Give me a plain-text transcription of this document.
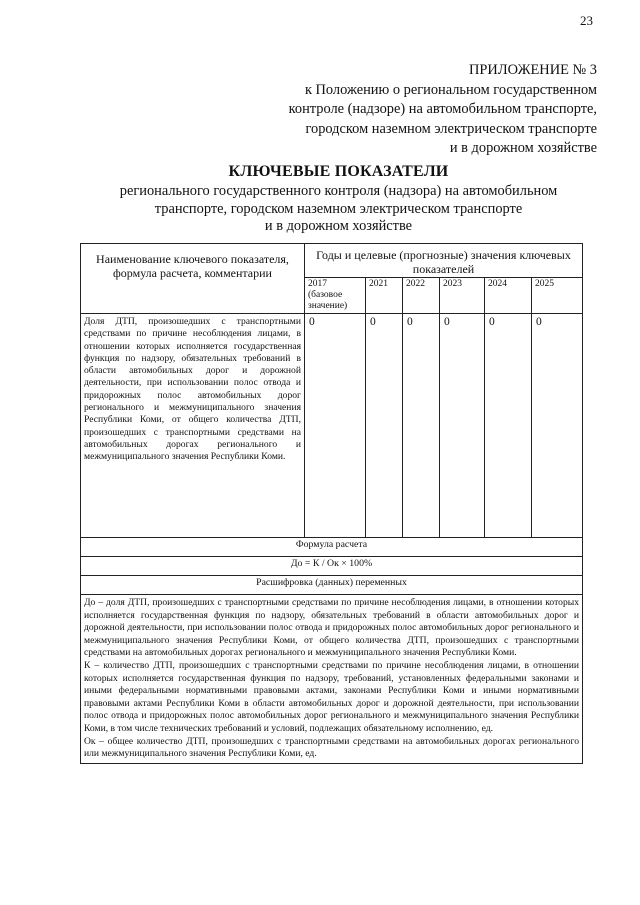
23
ПРИЛОЖЕНИЕ № 3
к Положению о региональном государственном
контроле (надзоре) на автомобильном транспорте,
городском наземном электрическом транспорте
и в дорожном хозяйстве
КЛЮЧЕВЫЕ ПОКАЗАТЕЛИ
регионального государственного контроля (надзора) на автомобильном
транспорте, городском наземном электрическом транспорте
и в дорожном хозяйстве
Наименование ключевого показателя, формула расчета, комментарии	Годы и целевые (прогнозные) значения ключевых показателей					
	2017 (базовое значение)	2021	2022	2023	2024	2025
Доля ДТП, произошедших с транспортными средствами по причине несоблюдения лицами, в отношении которых исполняется государственная функция по надзору, обязательных требований в области автомобильных дорог и дорожной деятельности, при использовании полос отвода и придорожных полос автомобильных дорог регионального и межмуниципального значения Республики Коми, от общего количества ДТП, произошедших с транспортными средствами на автомобильных дорогах регионального и межмуниципального значения Республики Коми.	0	0	0	0	0	0
Формула расчета						
До = К / Ок × 100%						
Расшифровка (данных) переменных						

До – доля ДТП, произошедших с транспортными средствами по причине несоблюдения лицами, в отношении которых исполняется государственная функция по надзору, обязательных требований в области автомобильных дорог и дорожной деятельности, при использовании полос отвода и придорожных полос автомобильных дорог регионального и межмуниципального значения Республики Коми, от общего количества ДТП, произошедших с транспортными средствами на автомобильных дорогах регионального и межмуниципального значения Республики Коми.

К – количество ДТП, произошедших с транспортными средствами по причине несоблюдения лицами, в отношении которых исполняется государственная функция по надзору, требований, установленных федеральными законами и иными федеральными нормативными правовыми актами, законами Республики Коми и иными нормативными правовыми актами Республики Коми в области автомобильных дорог и дорожной деятельности, при использовании полос отвода и придорожных полос автомобильных дорог регионального и межмуниципального значения Республики Коми, в том числе технических требований и условий, подлежащих обязательному исполнению, ед.

Ок – общее количество ДТП, произошедших с транспортными средствами на автомобильных дорогах регионального или межмуниципального значения Республики Коми, ед.						
